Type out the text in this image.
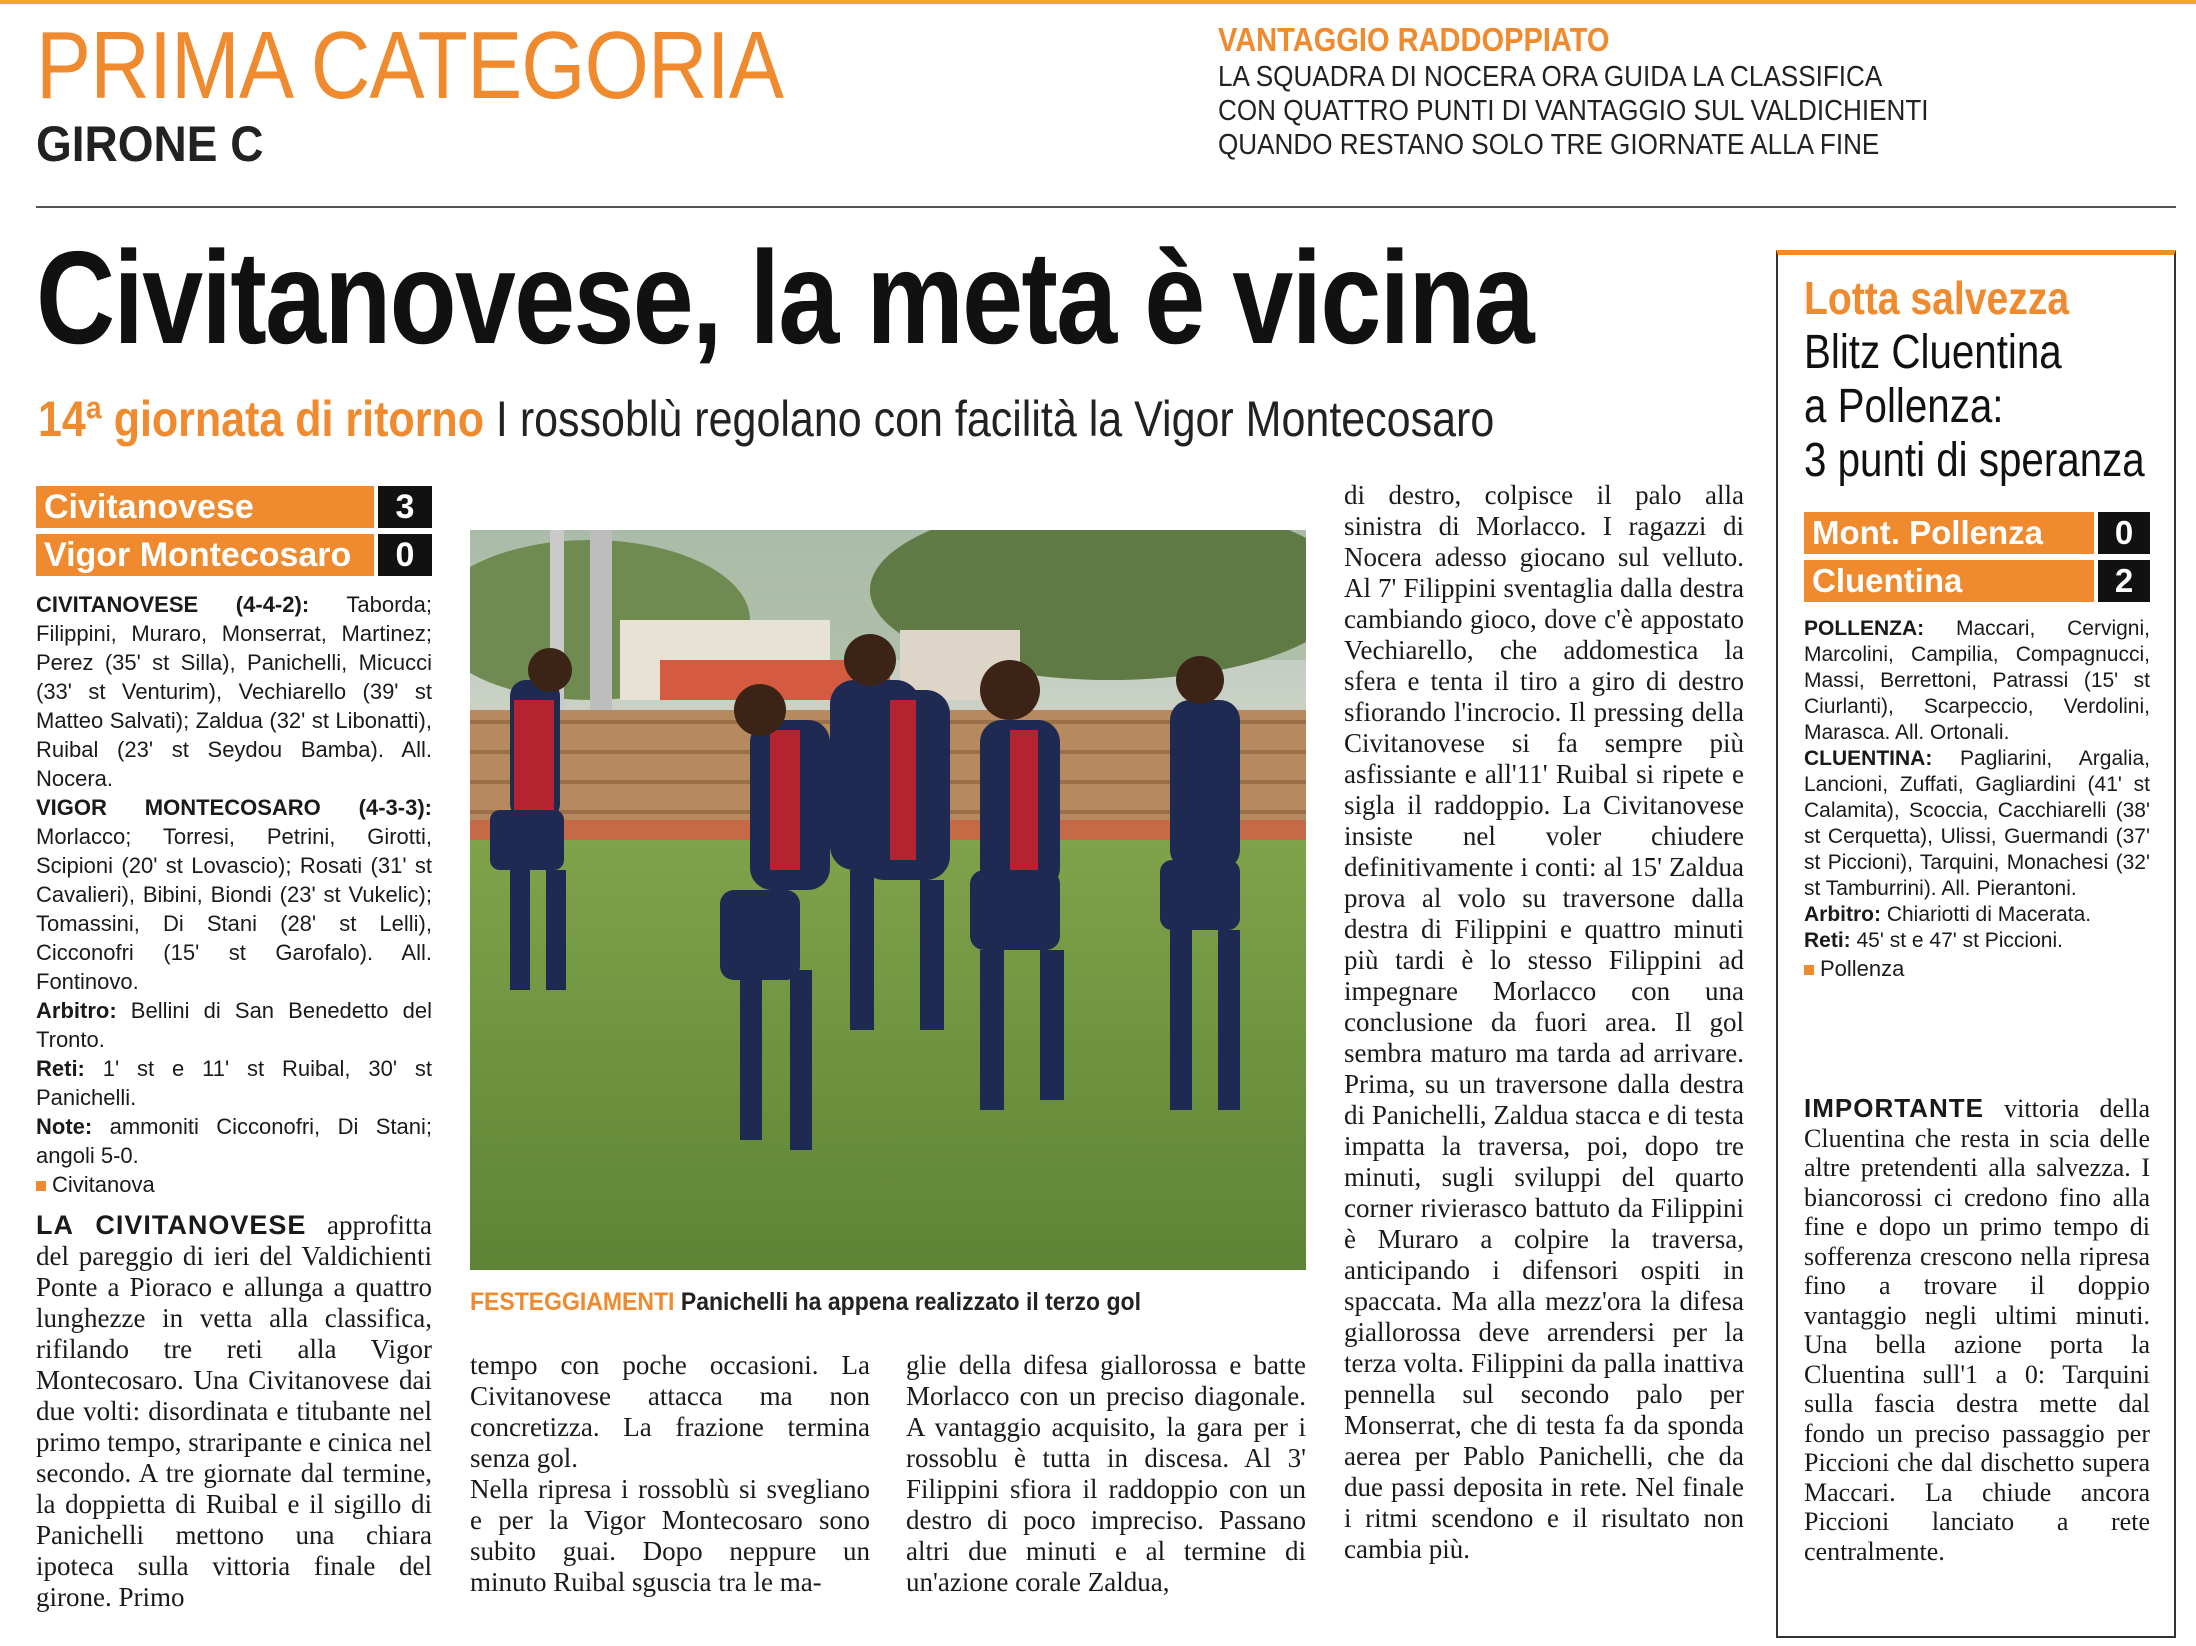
PRIMA CATEGORIA
GIRONE C
VANTAGGIO RADDOPPIATO
LA SQUADRA DI NOCERA ORA GUIDA LA CLASSIFICA
CON QUATTRO PUNTI DI VANTAGGIO SUL VALDICHIENTI
QUANDO RESTANO SOLO TRE GIORNATE ALLA FINE
Civitanovese, la meta è vicina
14ª giornata di ritorno I rossoblù regolano con facilità la Vigor Montecosaro
Civitanovese	3
Vigor Montecosaro	0

CIVITANOVESE (4-4-2): Taborda; Filippini, Muraro, Monserrat, Martinez; Perez (35' st Silla), Panichelli, Micucci (33' st Venturim), Vechiarello (39' st Matteo Salvati); Zaldua (32' st Libonatti), Ruibal (23' st Seydou Bamba). All. Nocera.

VIGOR MONTECOSARO (4-3-3): Morlacco; Torresi, Petrini, Girotti, Scipioni (20' st Lovascio); Rosati (31' st Cavalieri), Bibini, Biondi (23' st Vukelic); Tomassini, Di Stani (28' st Lelli), Cicconofri (15' st Garofalo). All. Fontinovo.

Arbitro: Bellini di San Benedetto del Tronto.

Reti: 1' st e 11' st Ruibal, 30' st Panichelli.

Note: ammoniti Cicconofri, Di Stani; angoli 5-0.

Civitanova
LA CIVITANOVESE approfitta del pareggio di ieri del Valdichienti Ponte a Pioraco e allunga a quattro lunghezze in vetta alla classifica, rifilando tre reti alla Vigor Montecosaro. Una Civitanovese dai due volti: disordinata e titubante nel primo tempo, straripante e cinica nel secondo. A tre giornate dal termine, la doppietta di Ruibal e il sigillo di Panichelli mettono una chiara ipoteca sulla vittoria finale del girone. Primo
FESTEGGIAMENTI Panichelli ha appena realizzato il terzo gol

tempo con poche occasioni. La Civitanovese attacca ma non concretizza. La frazione termina senza gol.

Nella ripresa i rossoblù si svegliano e per la Vigor Montecosaro sono subito guai. Dopo neppure un minuto Ruibal sguscia tra le ma-

glie della difesa giallorossa e batte Morlacco con un preciso diagonale. A vantaggio acquisito, la gara per i rossoblu è tutta in discesa. Al 3' Filippini sfiora il raddoppio con un destro di poco impreciso. Passano altri due minuti e al termine di un'azione corale Zaldua,
di destro, colpisce il palo alla sinistra di Morlacco. I ragazzi di Nocera adesso giocano sul velluto. Al 7' Filippini sventaglia dalla destra cambiando gioco, dove c'è appostato Vechiarello, che addomestica la sfera e tenta il tiro a giro di destro sfiorando l'incrocio. Il pressing della Civitanovese si fa sempre più asfissiante e all'11' Ruibal si ripete e sigla il raddoppio. La Civitanovese insiste nel voler chiudere definitivamente i conti: al 15' Zaldua prova al volo su traversone dalla destra di Filippini e quattro minuti più tardi è lo stesso Filippini ad impegnare Morlacco con una conclusione da fuori area. Il gol sembra maturo ma tarda ad arrivare. Prima, su un traversone dalla destra di Panichelli, Zaldua stacca e di testa impatta la traversa, poi, dopo tre minuti, sugli sviluppi del quarto corner rivierasco battuto da Filippini è Muraro a colpire la traversa, anticipando i difensori ospiti in spaccata. Ma alla mezz'ora la difesa giallorossa deve arrendersi per la terza volta. Filippini da palla inattiva pennella sul secondo palo per Monserrat, che di testa fa da sponda aerea per Pablo Panichelli, che da due passi deposita in rete. Nel finale i ritmi scendono e il risultato non cambia più.
Lotta salvezza
Blitz Cluentina
a Pollenza:
3 punti di speranza
Mont. Pollenza	0
Cluentina	2

POLLENZA: Maccari, Cervigni, Marcolini, Campilia, Compagnucci, Massi, Berrettoni, Patrassi (15' st Ciurlanti), Scarpeccio, Verdolini, Marasca. All. Ortonali.

CLUENTINA: Pagliarini, Argalia, Lancioni, Zuffati, Gagliardini (41' st Calamita), Scoccia, Cacchiarelli (38' st Cerquetta), Ulissi, Guermandi (37' st Piccioni), Tarquini, Monachesi (32' st Tamburrini). All. Pierantoni.

Arbitro: Chiariotti di Macerata.

Reti: 45' st e 47' st Piccioni.

Pollenza
IMPORTANTE vittoria della Cluentina che resta in scia delle altre pretendenti alla salvezza. I biancorossi ci credono fino alla fine e dopo un primo tempo di sofferenza crescono nella ripresa fino a trovare il doppio vantaggio negli ultimi minuti. Una bella azione porta la Cluentina sull'1 a 0: Tarquini sulla fascia destra mette dal fondo un preciso passaggio per Piccioni che dal dischetto supera Maccari. La chiude ancora Piccioni lanciato a rete centralmente.
